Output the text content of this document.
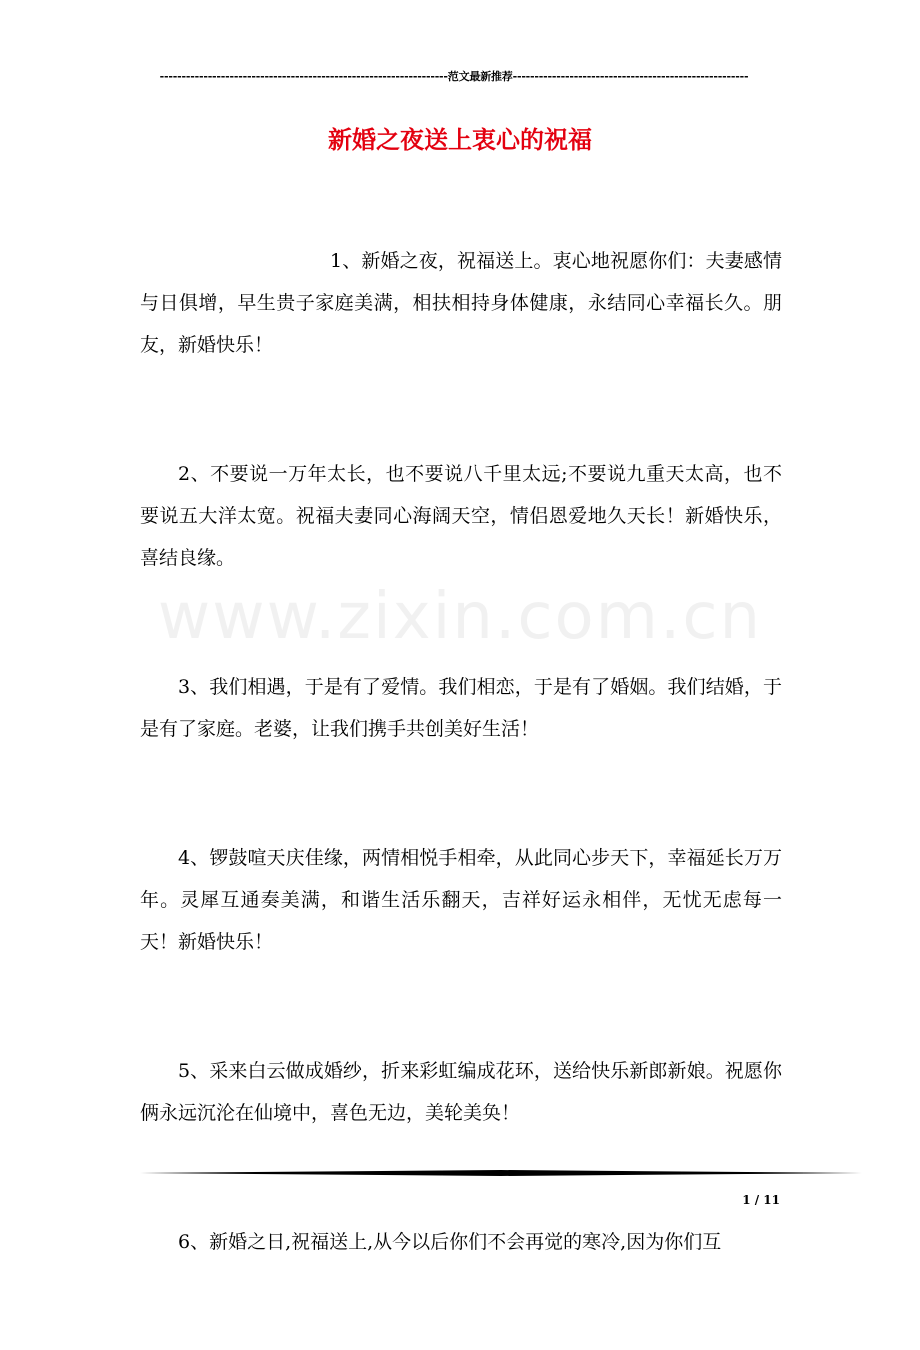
------------------------------------------------------------------范文最新推荐------------------------------------------------------
新婚之夜送上衷心的祝福
www.zixin.com.cn

1、新婚之夜，祝福送上。衷心地祝愿你们：夫妻感情与日俱增，早生贵子家庭美满，相扶相持身体健康，永结同心幸福长久。朋友，新婚快乐！

2、不要说一万年太长，也不要说八千里太远;不要说九重天太高，也不要说五大洋太宽。祝福夫妻同心海阔天空，情侣恩爱地久天长！新婚快乐，喜结良缘。

3、我们相遇，于是有了爱情。我们相恋，于是有了婚姻。我们结婚，于是有了家庭。老婆，让我们携手共创美好生活！

4、锣鼓喧天庆佳缘，两情相悦手相牵，从此同心步天下，幸福延长万万年。灵犀互通奏美满，和谐生活乐翻天，吉祥好运永相伴，无忧无虑每一天！新婚快乐！

5、采来白云做成婚纱，折来彩虹编成花环，送给快乐新郎新娘。祝愿你俩永远沉沦在仙境中，喜色无边，美轮美奂！

6、新婚之日,祝福送上,从今以后你们不会再觉的寒冷,因为你们互

1 / 11
